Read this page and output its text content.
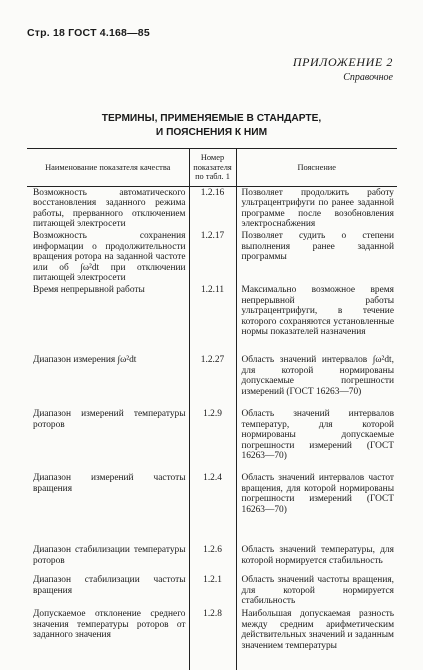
Стр. 18 ГОСТ 4.168—85
ПРИЛОЖЕНИЕ 2
Справочное
ТЕРМИНЫ, ПРИМЕНЯЕМЫЕ В СТАНДАРТЕ,
И ПОЯСНЕНИЯ К НИМ
Наименование показателя качества	Номер показателя по табл. 1	Пояснение
Возможность автоматического восстановления заданного режима работы, прерванного отключением питающей электросети	1.2.16	Позволяет продолжить работу ультрацентрифуги по ранее заданной программе после возобновления электроснабжения
Возможность сохранения информации о продолжительности вращения ротора на заданной частоте или об ∫ω²dt при отключении питающей электросети	1.2.17	Позволяет судить о степени выполнения ранее заданной программы
Время непрерывной работы	1.2.11	Максимально возможное время непрерывной работы ультрацентрифуги, в течение которого сохраняются установленные нормы показателей назначения
Диапазон измерения ∫ω²dt	1.2.27	Область значений интервалов ∫ω²dt, для которой нормированы допускаемые погрешности измерений (ГОСТ 16263—70)
Диапазон измерений температуры роторов	1.2.9	Область значений интервалов температур, для которой нормированы допускаемые погрешности измерений (ГОСТ 16263—70)
Диапазон измерений частоты вращения	1.2.4	Область значений интервалов частот вращения, для которой нормированы погрешности измерений (ГОСТ 16263—70)
Диапазон стабилизации температуры роторов	1.2.6	Область значений температуры, для которой нормируется стабильность
Диапазон стабилизации частоты вращения	1.2.1	Область значений частоты вращения, для которой нормируется стабильность
Допускаемое отклонение среднего значения температуры роторов от заданного значения	1.2.8	Наибольшая допускаемая разность между средним арифметическим действительных значений и заданным значением температуры
